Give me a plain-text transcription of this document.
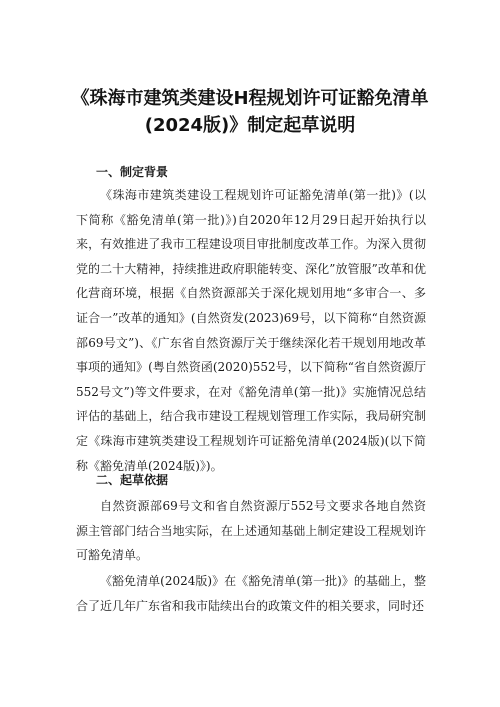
《珠海市建筑类建设H程规划许可证豁免清单
(2024版)》制定起草说明
一、制定背景

《珠海市建筑类建设工程规划许可证豁免清单(第一批)》(以下简称《豁免清单(第一批)》)自2020年12月29日起开始执行以来，有效推进了我市工程建设项目审批制度改革工作。为深入贯彻党的二十大精神，持续推进政府职能转变、深化”放管服”改革和优化营商环境，根据《自然资源部关于深化规划用地“多审合一、多证合一”改革的通知》(自然资发(2023)69号，以下简称“自然资源部69号文”)、《广东省自然资源厅关于继续深化若干规划用地改革事项的通知》(粤自然资函(2020)552号，以下简称“省自然资源厅552号文”)等文件要求，在对《豁免清单(第一批)》实施情况总结评估的基础上，结合我市建设工程规划管理工作实际，我局研究制定《珠海市建筑类建设工程规划许可证豁免清单(2024版)(以下简称《豁免清单(2024版)》)。

二、起草依据

自然资源部69号文和省自然资源厅552号文要求各地自然资源主管部门结合当地实际，在上述通知基础上制定建设工程规划许可豁免清单。

《豁免清单(2024版)》在《豁免清单(第一批)》的基础上，整合了近几年广东省和我市陆续出台的政策文件的相关要求，同时还
